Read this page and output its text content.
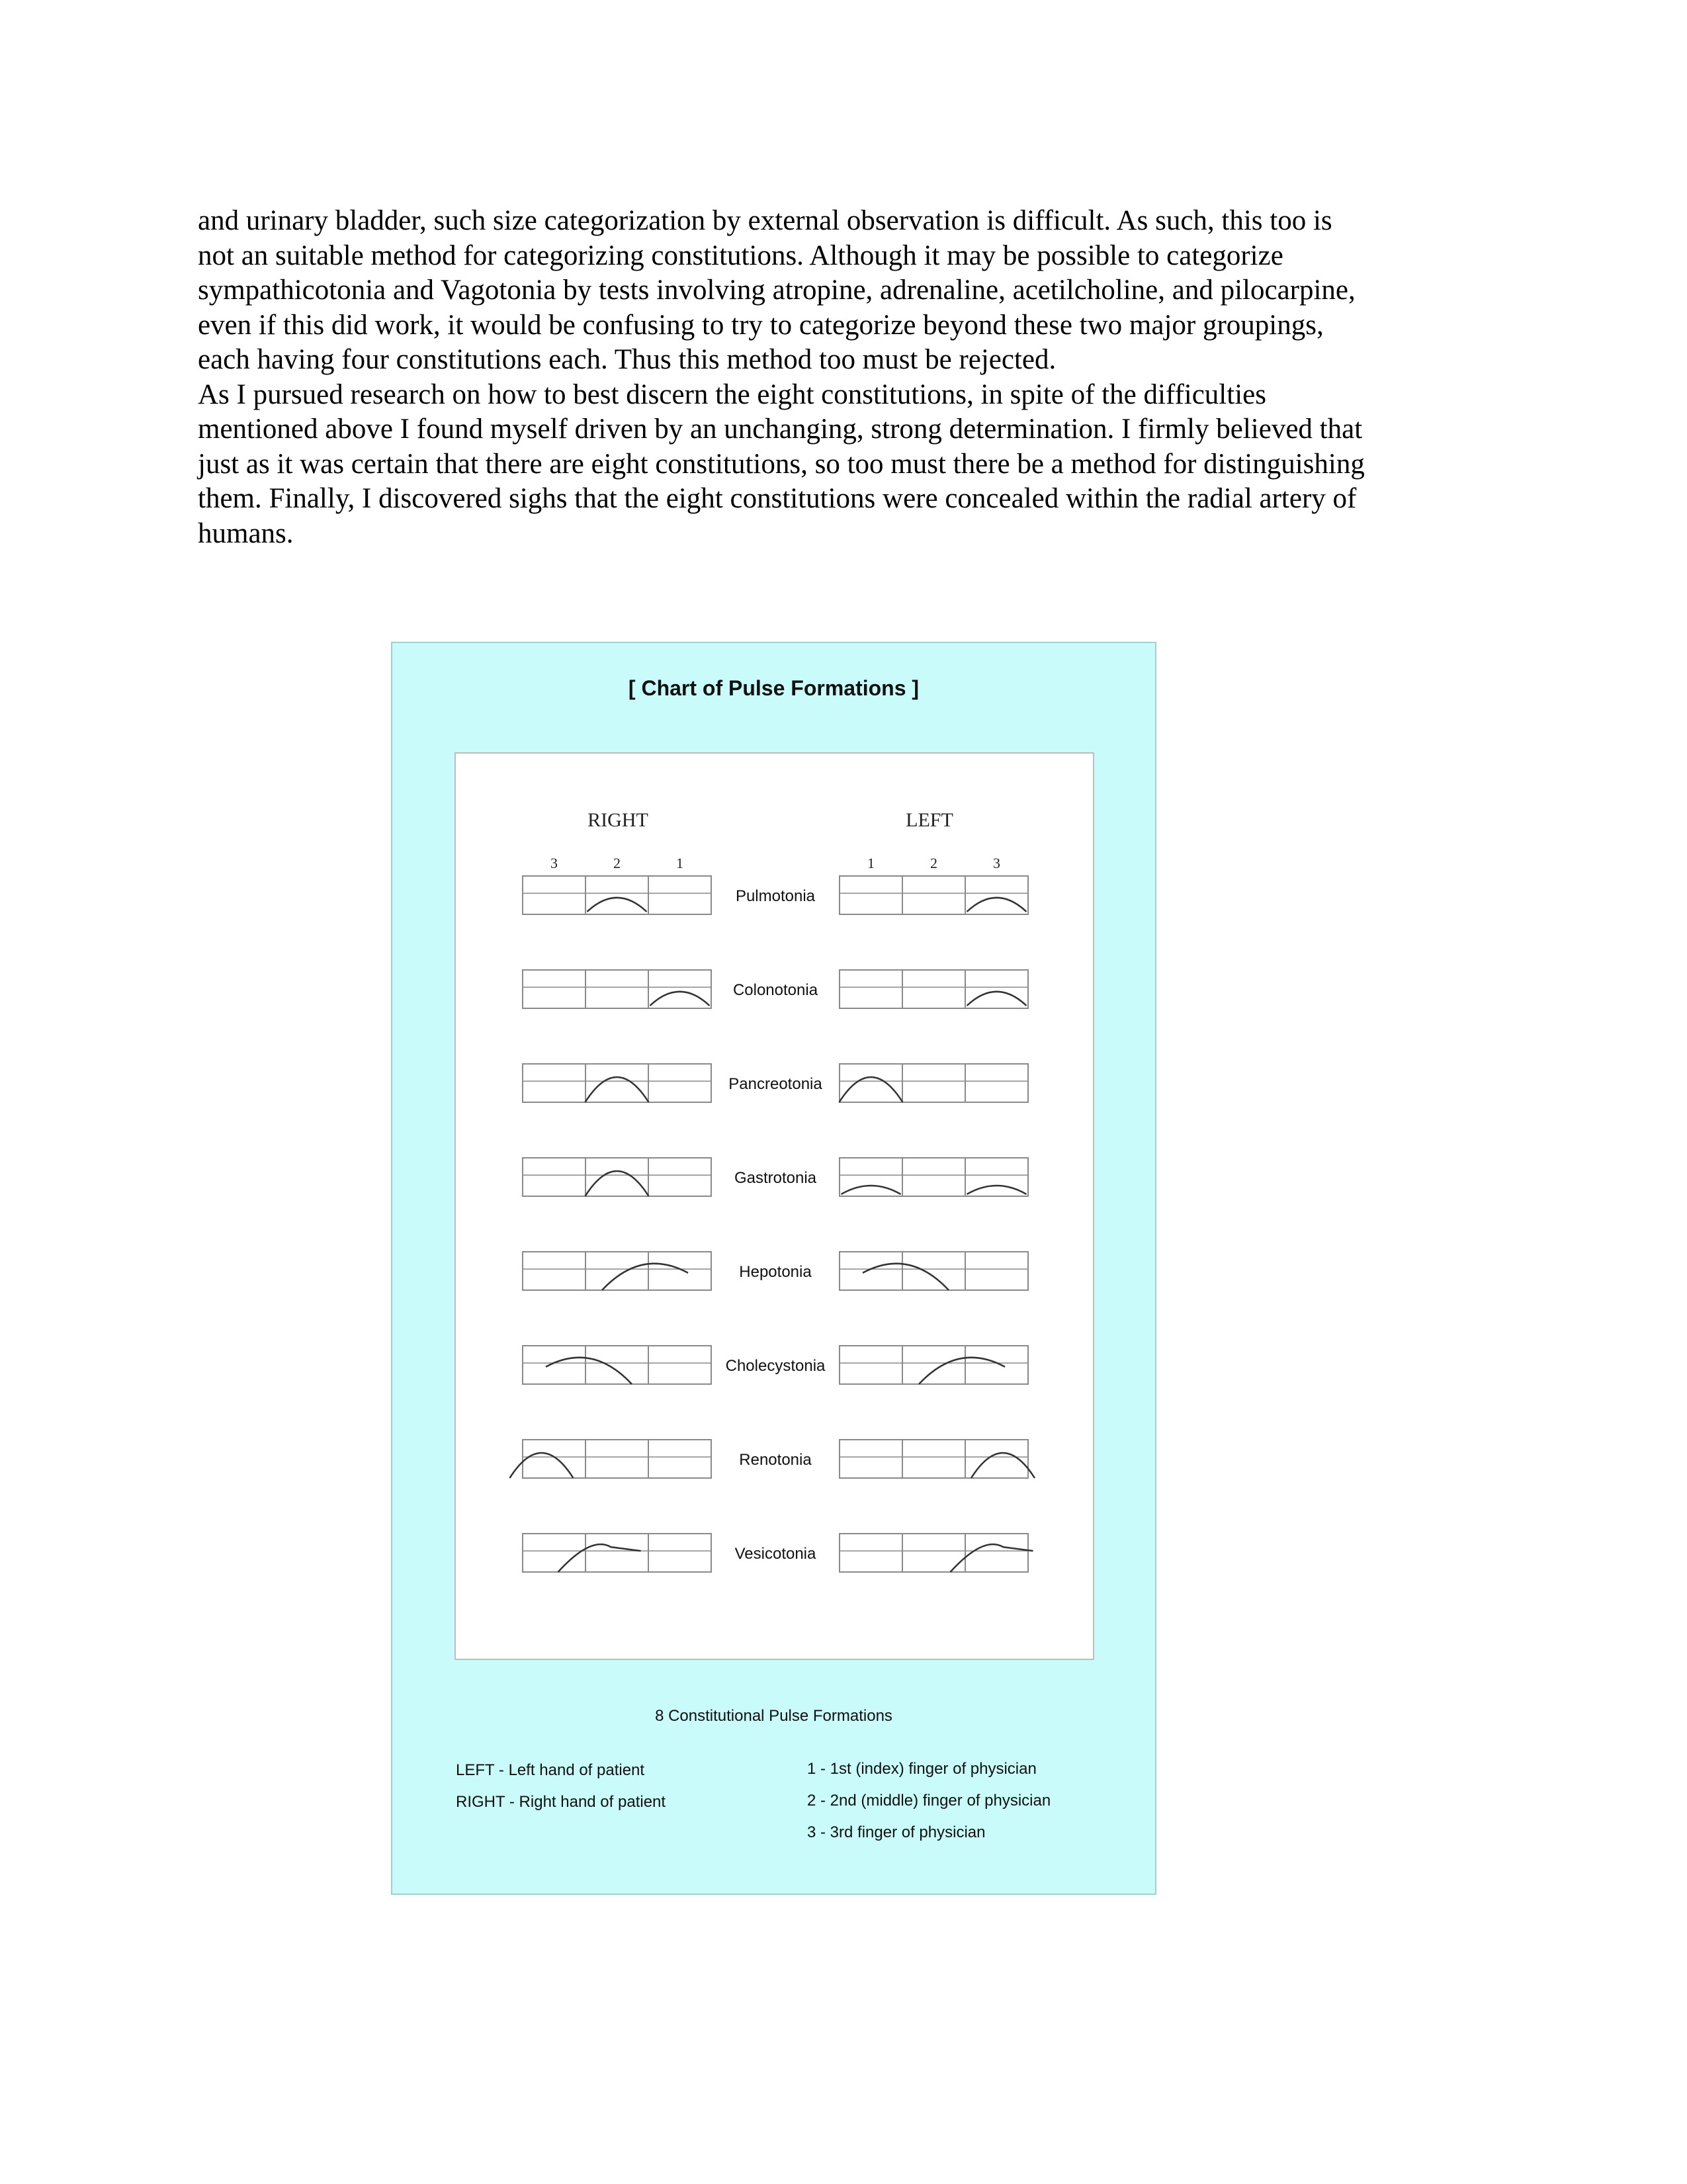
and urinary bladder, such size categorization by external observation is difficult. As such, this too is not an suitable method for categorizing constitutions. Although it may be possible to categorize sympathicotonia and Vagotonia by tests involving atropine, adrenaline, acetilcholine, and pilocarpine, even if this did work, it would be confusing to try to categorize beyond these two major groupings, each having four constitutions each. Thus this method too must be rejected.

As I pursued research on how to best discern the eight constitutions, in spite of the difficulties mentioned above I found myself driven by an unchanging, strong determination. I firmly believed that just as it was certain that there are eight constitutions, so too must there be a method for distinguishing them. Finally, I discovered sighs that the eight constitutions were concealed within the radial artery of humans.

[ Chart of Pulse Formations ]
RIGHT	LEFT
3	2	1	1	2	3
Pulmotonia
Colonotonia
Pancreotonia
Gastrotonia
Hepotonia
Cholecystonia
Renotonia
Vesicotonia
8 Constitutional Pulse Formations
LEFT - Left hand of patient
RIGHT - Right hand of patient
1 - 1st (index) finger of physician
2 - 2nd (middle) finger of physician
3 - 3rd finger of physician
